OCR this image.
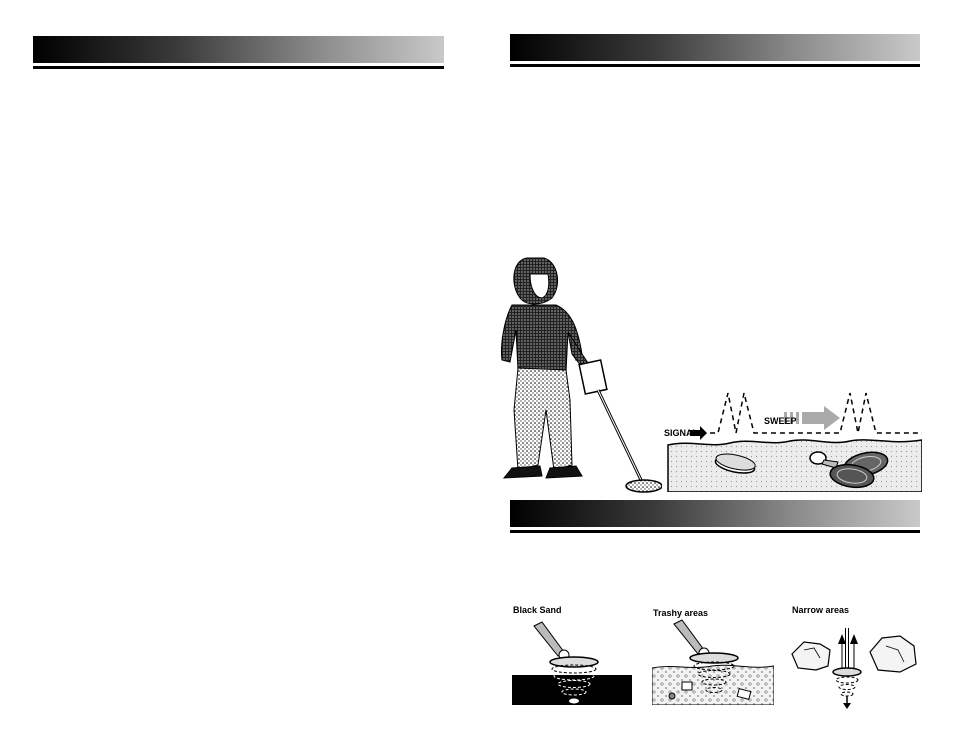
SIGNAL
SWEEP
Black Sand	Trashy areas	Narrow areas
